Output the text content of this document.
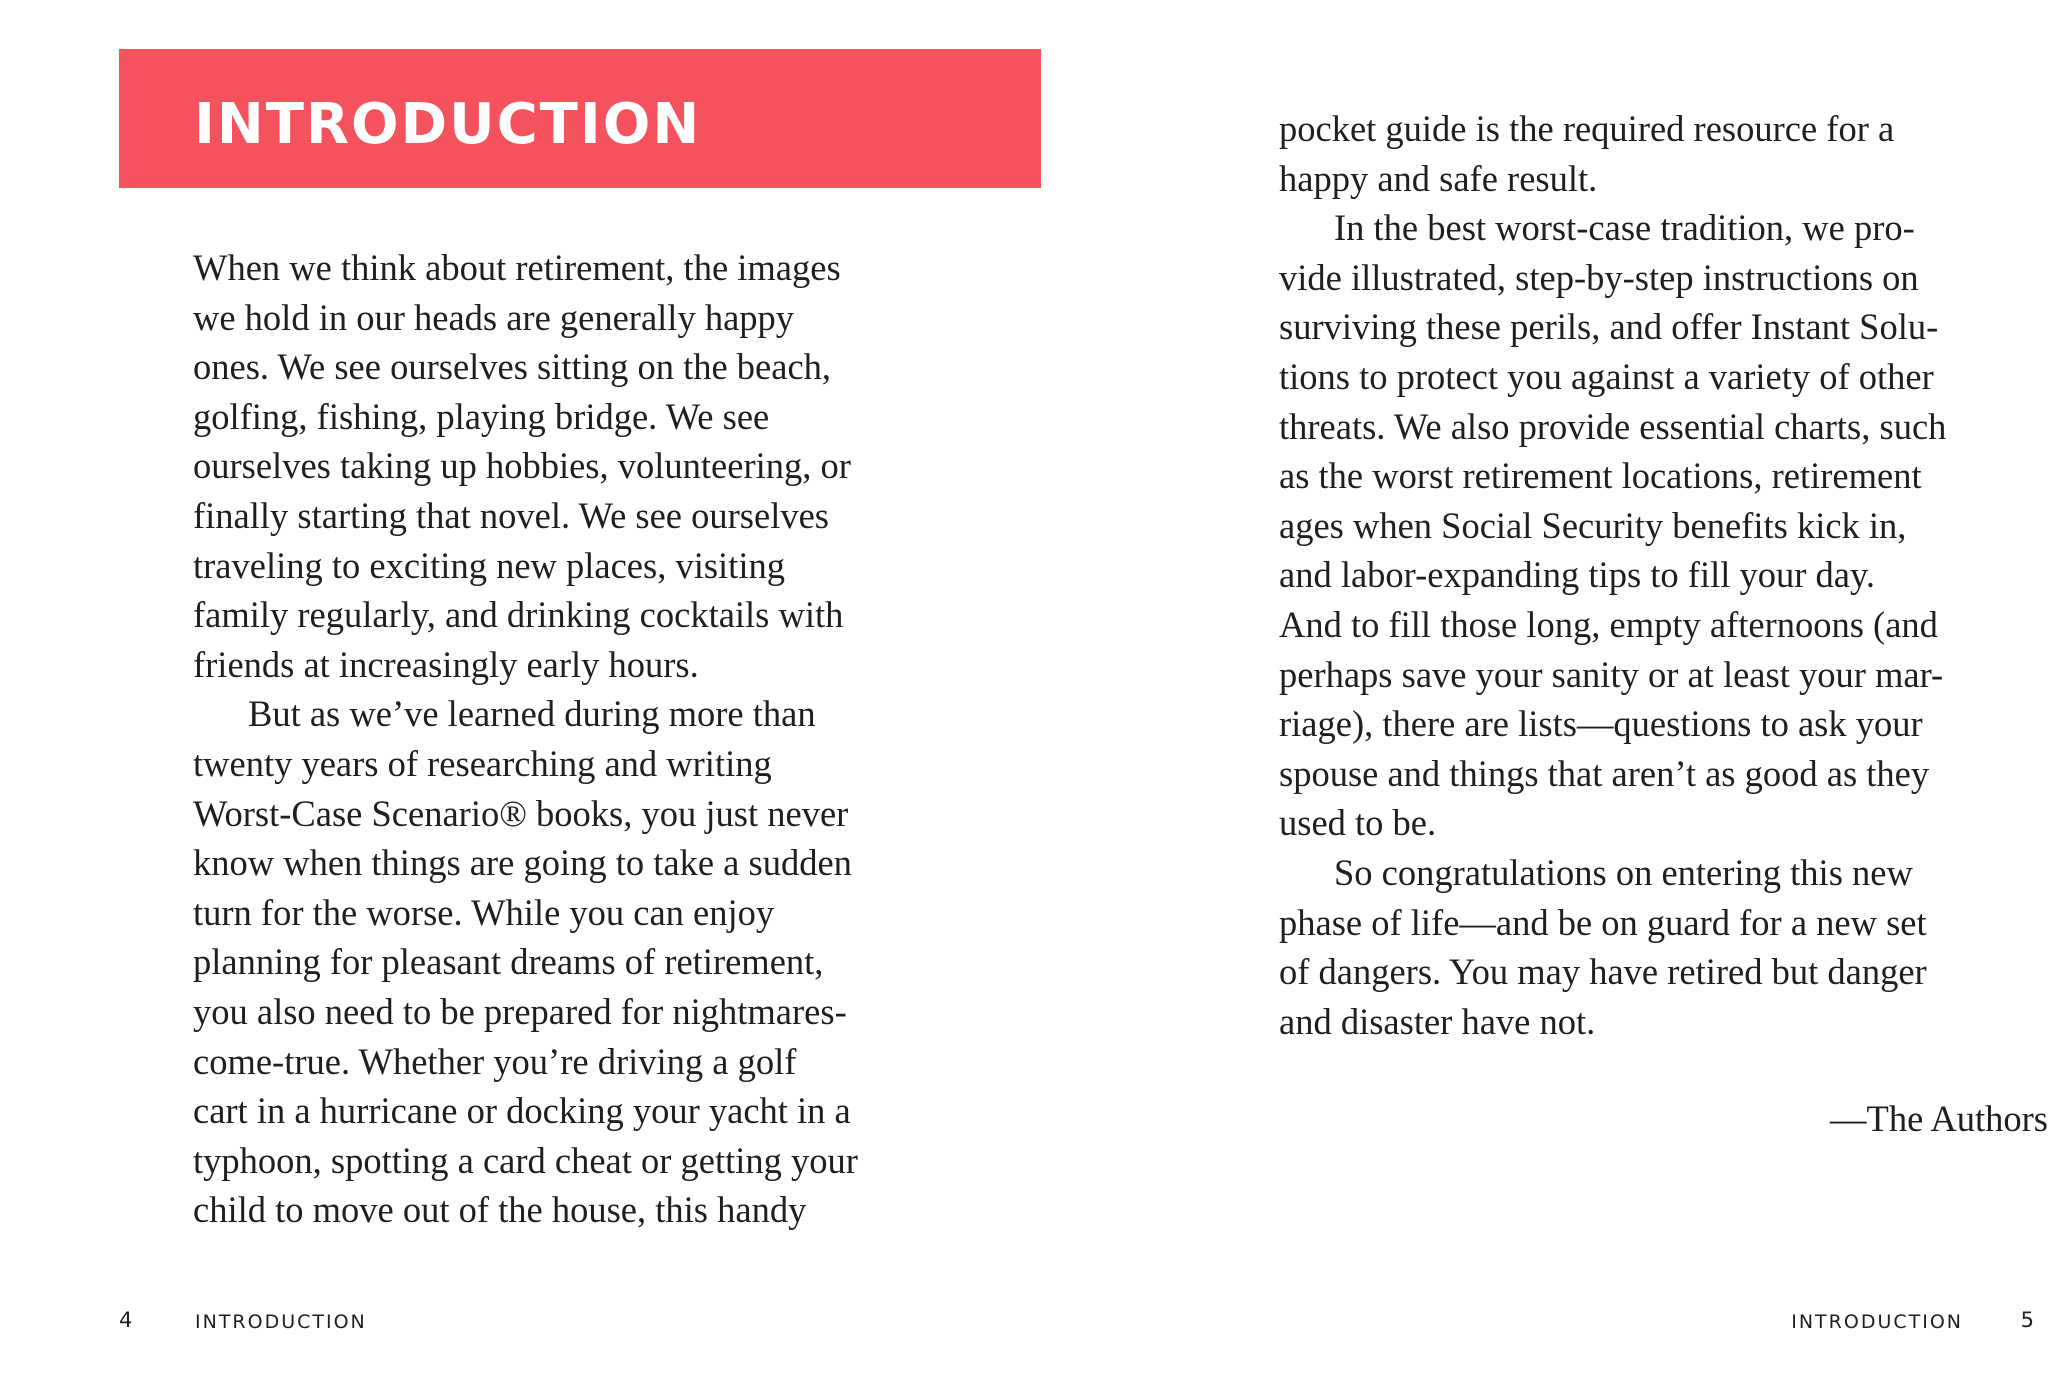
INTRODUCTION

When we think about retirement, the images
we hold in our heads are generally happy
ones. We see ourselves sitting on the beach,
golfing, fishing, playing bridge. We see
ourselves taking up hobbies, volunteering, or
finally starting that novel. We see ourselves
traveling to exciting new places, visiting
family regularly, and drinking cocktails with
friends at increasingly early hours.

But as we’ve learned during more than
twenty years of researching and writing
Worst-Case Scenario® books, you just never
know when things are going to take a sudden
turn for the worse. While you can enjoy
planning for pleasant dreams of retirement,
you also need to be prepared for nightmares-
come-true. Whether you’re driving a golf
cart in a hurricane or docking your yacht in a
typhoon, spotting a card cheat or getting your
child to move out of the house, this handy

4	INTRODUCTION

pocket guide is the required resource for a
happy and safe result.

In the best worst-case tradition, we pro-
vide illustrated, step-by-step instructions on
surviving these perils, and offer Instant Solu-
tions to protect you against a variety of other
threats. We also provide essential charts, such
as the worst retirement locations, retirement
ages when Social Security benefits kick in,
and labor-expanding tips to fill your day.
And to fill those long, empty afternoons (and
perhaps save your sanity or at least your mar-
riage), there are lists—questions to ask your
spouse and things that aren’t as good as they
used to be.

So congratulations on entering this new
phase of life—and be on guard for a new set
of dangers. You may have retired but danger
and disaster have not.

—The Authors

INTRODUCTION	5
